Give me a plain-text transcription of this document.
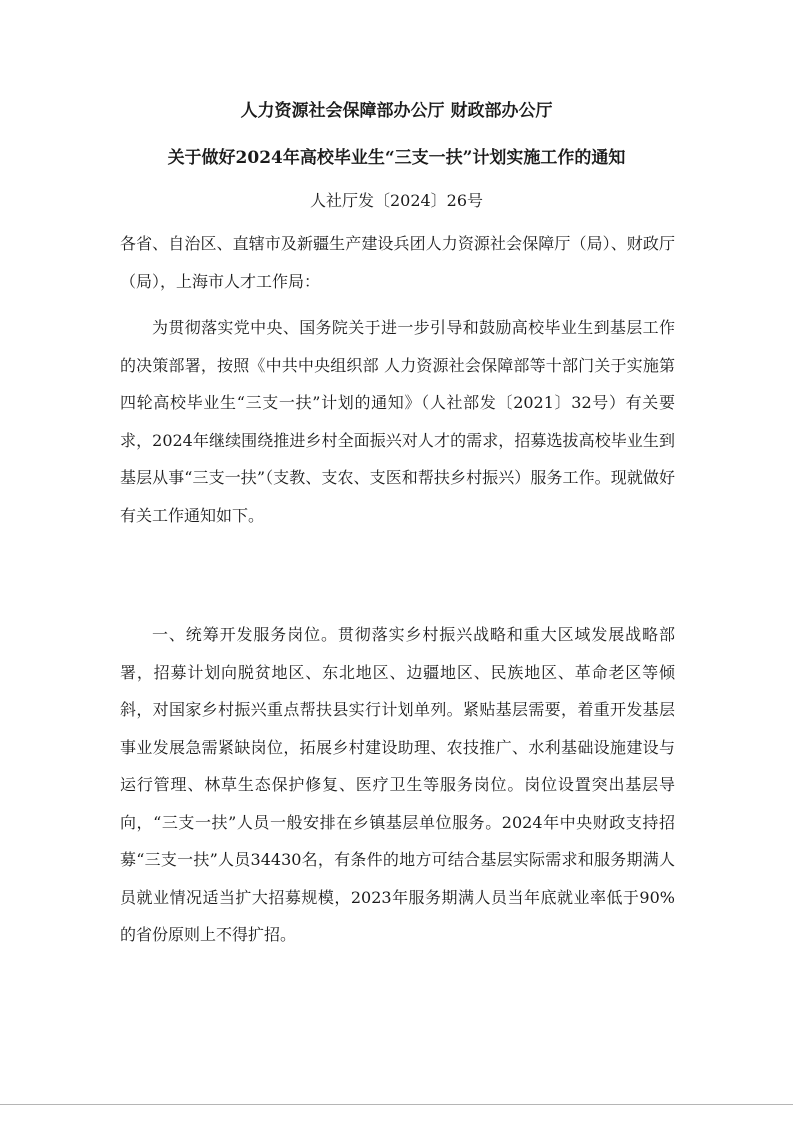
人力资源社会保障部办公厅 财政部办公厅
关于做好2024年高校毕业生“三支一扶”计划实施工作的通知
人社厅发〔2024〕26号
各省、自治区、直辖市及新疆生产建设兵团人力资源社会保障厅（局）、财政厅（局），上海市人才工作局：
为贯彻落实党中央、国务院关于进一步引导和鼓励高校毕业生到基层工作的决策部署，按照《中共中央组织部 人力资源社会保障部等十部门关于实施第四轮高校毕业生“三支一扶”计划的通知》（人社部发〔2021〕32号）有关要求，2024年继续围绕推进乡村全面振兴对人才的需求，招募选拔高校毕业生到基层从事“三支一扶”（支教、支农、支医和帮扶乡村振兴）服务工作。现就做好有关工作通知如下。
一、统筹开发服务岗位。贯彻落实乡村振兴战略和重大区域发展战略部署，招募计划向脱贫地区、东北地区、边疆地区、民族地区、革命老区等倾斜，对国家乡村振兴重点帮扶县实行计划单列。紧贴基层需要，着重开发基层事业发展急需紧缺岗位，拓展乡村建设助理、农技推广、水利基础设施建设与运行管理、林草生态保护修复、医疗卫生等服务岗位。岗位设置突出基层导向，“三支一扶”人员一般安排在乡镇基层单位服务。2024年中央财政支持招募“三支一扶”人员34430名，有条件的地方可结合基层实际需求和服务期满人员就业情况适当扩大招募规模，2023年服务期满人员当年底就业率低于90%的省份原则上不得扩招。
